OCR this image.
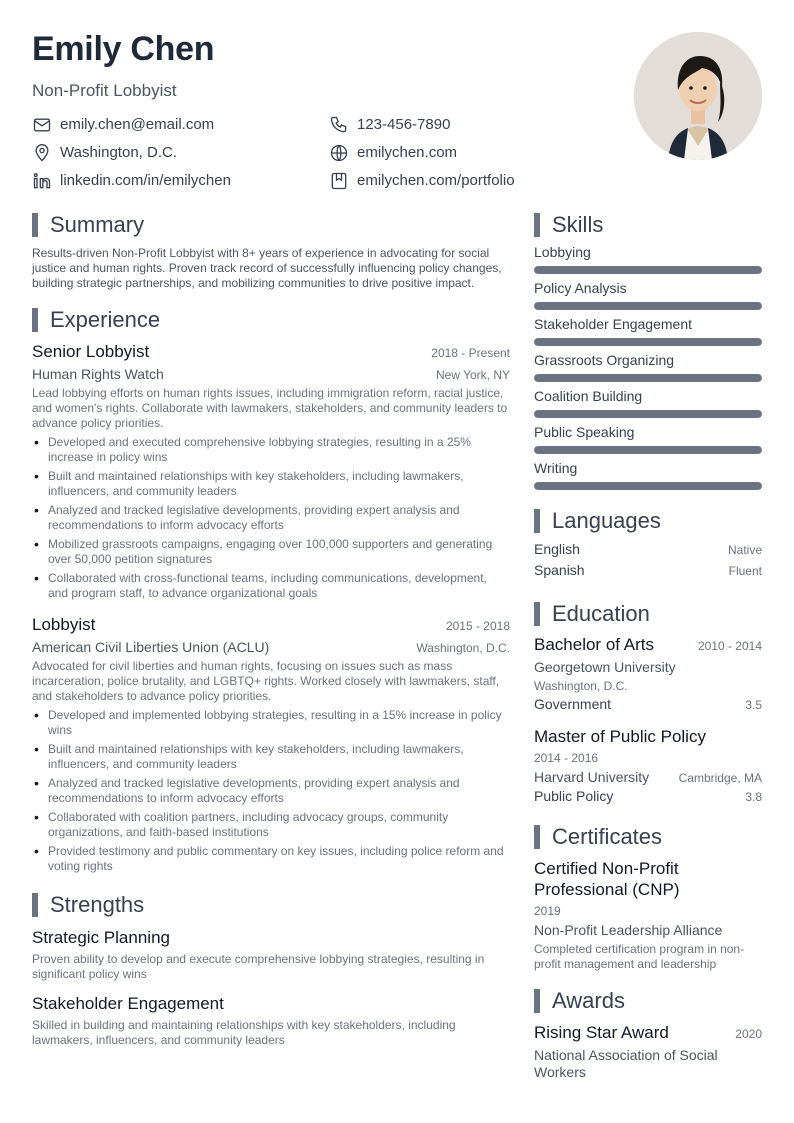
Emily Chen
Non-Profit Lobbyist
emily.chen@email.com	123-456-7890
Washington, D.C.	emilychen.com
linkedin.com/in/emilychen	emilychen.com/portfolio
Summary
Results-driven Non-Profit Lobbyist with 8+ years of experience in advocating for social justice and human rights. Proven track record of successfully influencing policy changes, building strategic partnerships, and mobilizing communities to drive positive impact.
Experience
Senior Lobbyist	2018 - Present
Human Rights Watch	New York, NY
Lead lobbying efforts on human rights issues, including immigration reform, racial justice, and women's rights. Collaborate with lawmakers, stakeholders, and community leaders to advance policy priorities.
• Developed and executed comprehensive lobbying strategies, resulting in a 25% increase in policy wins
• Built and maintained relationships with key stakeholders, including lawmakers, influencers, and community leaders
• Analyzed and tracked legislative developments, providing expert analysis and recommendations to inform advocacy efforts
• Mobilized grassroots campaigns, engaging over 100,000 supporters and generating over 50,000 petition signatures
• Collaborated with cross-functional teams, including communications, development, and program staff, to advance organizational goals
Lobbyist	2015 - 2018
American Civil Liberties Union (ACLU)	Washington, D.C.
Advocated for civil liberties and human rights, focusing on issues such as mass incarceration, police brutality, and LGBTQ+ rights. Worked closely with lawmakers, staff, and stakeholders to advance policy priorities.
• Developed and implemented lobbying strategies, resulting in a 15% increase in policy wins
• Built and maintained relationships with key stakeholders, including lawmakers, influencers, and community leaders
• Analyzed and tracked legislative developments, providing expert analysis and recommendations to inform advocacy efforts
• Collaborated with coalition partners, including advocacy groups, community organizations, and faith-based institutions
• Provided testimony and public commentary on key issues, including police reform and voting rights
Strengths
Strategic Planning
Proven ability to develop and execute comprehensive lobbying strategies, resulting in significant policy wins
Stakeholder Engagement
Skilled in building and maintaining relationships with key stakeholders, including lawmakers, influencers, and community leaders
Skills
Lobbying
Policy Analysis
Stakeholder Engagement
Grassroots Organizing
Coalition Building
Public Speaking
Writing
Languages
English	Native
Spanish	Fluent
Education
Bachelor of Arts	2010 - 2014
Georgetown University
Washington, D.C.
Government	3.5
Master of Public Policy
2014 - 2016
Harvard University Cambridge, MA
Public Policy	3.8
Certificates
Certified Non-Profit Professional (CNP)
2019
Non-Profit Leadership Alliance
Completed certification program in non-profit management and leadership
Awards
Rising Star Award	2020
National Association of Social Workers
